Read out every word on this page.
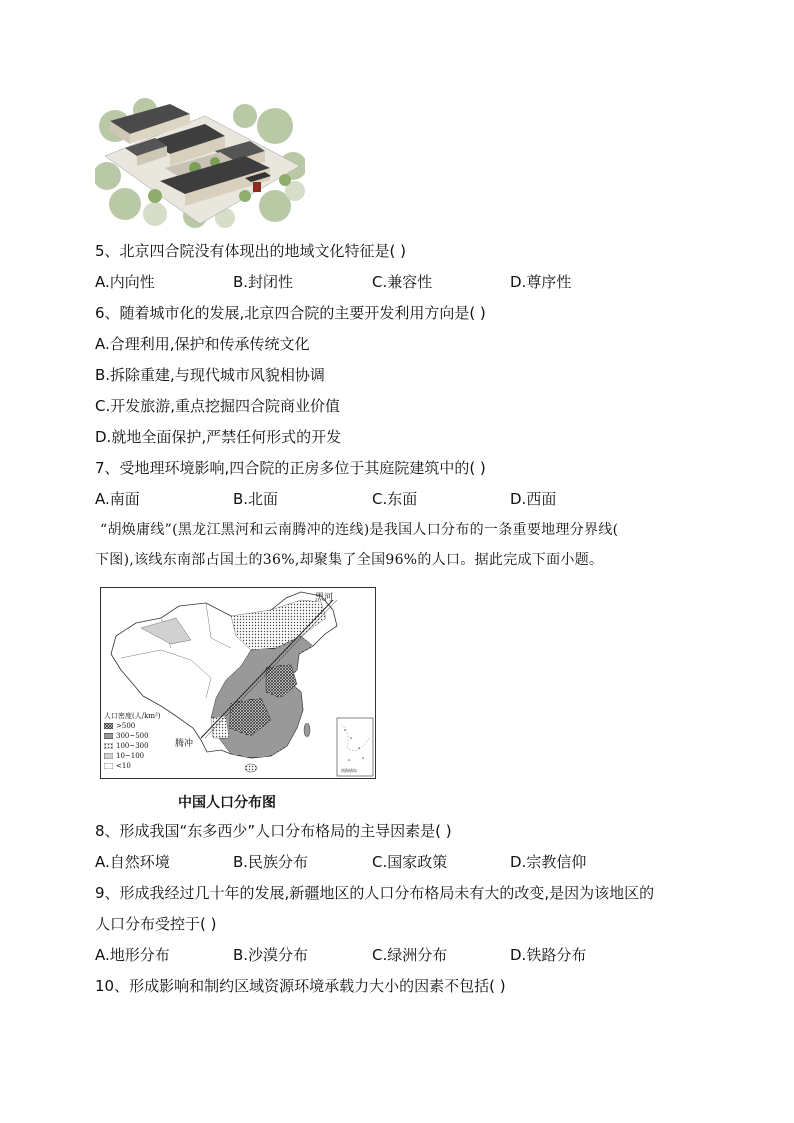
5、北京四合院没有体现出的地域文化特征是( )
A.内向性	B.封闭性	C.兼容性	D.尊序性
6、随着城市化的发展,北京四合院的主要开发利用方向是( )
A.合理利用,保护和传承传统文化
B.拆除重建,与现代城市风貌相协调
C.开发旅游,重点挖掘四合院商业价值
D.就地全面保护,严禁任何形式的开发
7、受地理环境影响,四合院的正房多位于其庭院建筑中的( )
A.南面	B.北面	C.东面	D.西面
“胡焕庸线”(黑龙江黑河和云南腾冲的连线)是我国人口分布的一条重要地理分界线(
下图),该线东南部占国土的36%,却聚集了全国96%的人口。据此完成下面小题。
黑河
腾冲
南海诸岛
人口密度(人/km²)
>500
300~500
100~300
10~100
<10
中国人口分布图
8、形成我国“东多西少”人口分布格局的主导因素是( )
A.自然环境	B.民族分布	C.国家政策	D.宗教信仰
9、形成我经过几十年的发展,新疆地区的人口分布格局未有大的改变,是因为该地区的
人口分布受控于( )
A.地形分布	B.沙漠分布	C.绿洲分布	D.铁路分布
10、形成影响和制约区域资源环境承载力大小的因素不包括( )
